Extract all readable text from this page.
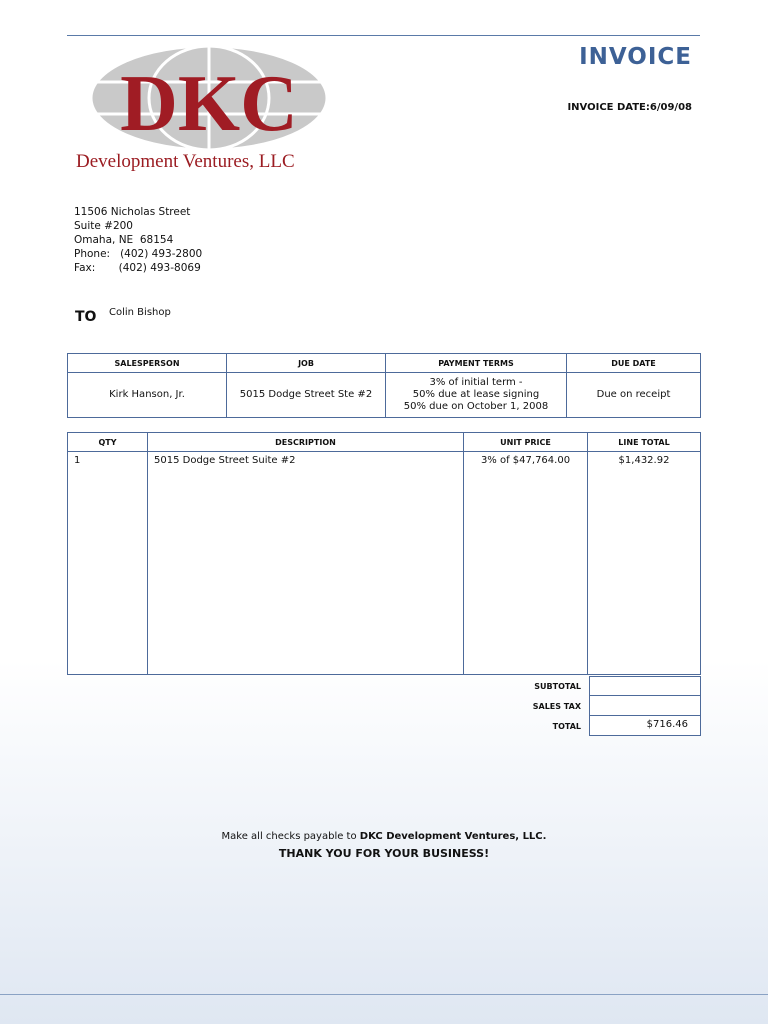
DKC
Development Ventures, LLC
INVOICE
INVOICE DATE:6/09/08
11506 Nicholas Street
Suite #200
Omaha, NE  68154
Phone:   (402) 493-2800
Fax:       (402) 493-8069
TO Colin Bishop
SALESPERSON	JOB	PAYMENT TERMS	DUE DATE
Kirk Hanson, Jr.	5015 Dodge Street Ste #2	3% of initial term -
50% due at lease signing
50% due on October 1, 2008	Due on receipt
QTY	DESCRIPTION	UNIT PRICE	LINE TOTAL
1	5015 Dodge Street Suite #2	3% of $47,764.00	$1,432.92
SUBTOTAL
SALES TAX
TOTAL	$716.46
Make all checks payable to DKC Development Ventures, LLC.
THANK YOU FOR YOUR BUSINESS!
